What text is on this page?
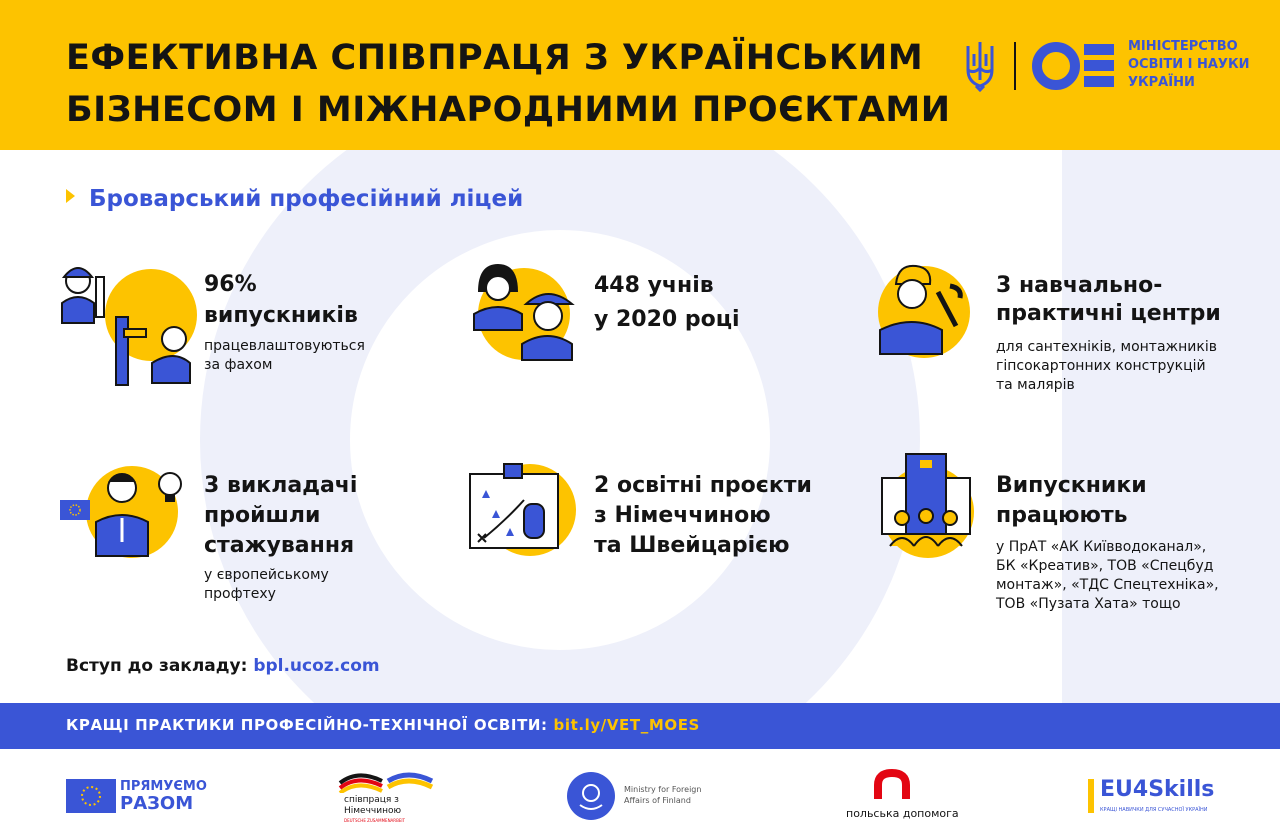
ЕФЕКТИВНА СПІВПРАЦЯ З УКРАЇНСЬКИМ
БІЗНЕСОМ І МІЖНАРОДНИМИ ПРОЄКТАМИ
МІНІСТЕРСТВО
ОСВІТИ І НАУКИ
УКРАЇНИ
Броварський професійний ліцей
96%
випускників
працевлаштовуються
за фахом
448 учнів
у 2020 році
3 навчально-
практичні центри
для сантехніків, монтажників
гіпсокартонних конструкцій
та малярів
3 викладачі
пройшли
стажування
у європейському
профтеху
2 освітні проєкти
з Німеччиною
та Швейцарією
Випускники
працюють
у ПрАТ «АК Київводоканал»,
БК «Креатив», ТОВ «Спецбуд
монтаж», «ТДС Спецтехніка»,
ТОВ «Пузата Хата» тощо
Вступ до закладу: bpl.ucoz.com
КРАЩІ ПРАКТИКИ ПРОФЕСІЙНО-ТЕХНІЧНОЇ ОСВІТИ: bit.ly/VET_MOES
ПРЯМУЄМО
РАЗОМ	співпраця з
Німеччиною
DEUTSCHE ZUSAMMENARBEIT
Ministry for Foreign
Affairs of Finland
польська допомога
EU4Skills
КРАЩІ НАВИЧКИ ДЛЯ СУЧАСНОЇ УКРАЇНИ
